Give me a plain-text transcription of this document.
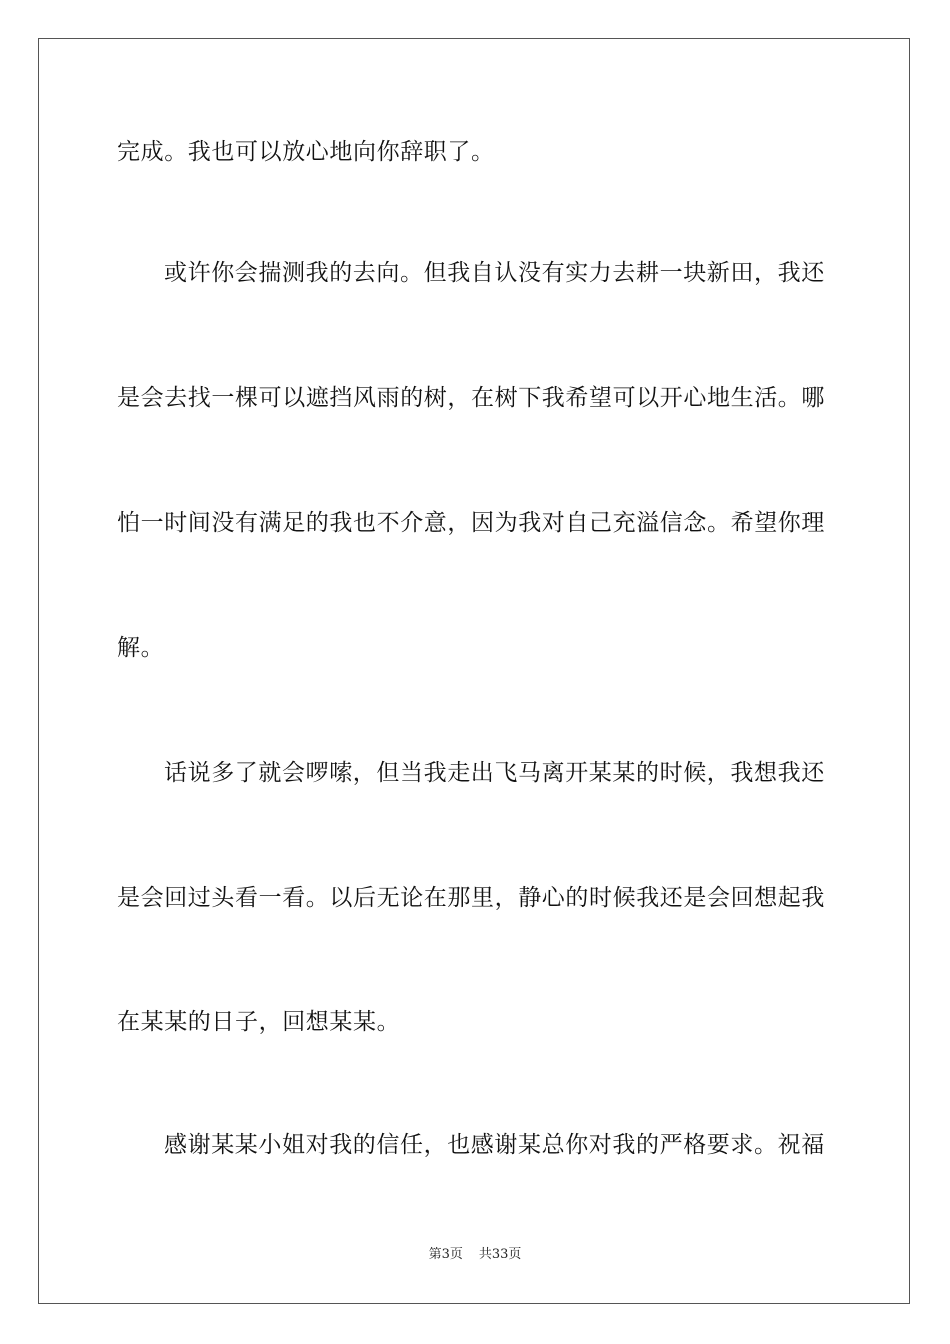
完成。我也可以放心地向你辞职了。
或许你会揣测我的去向。但我自认没有实力去耕一块新田，我还
是会去找一棵可以遮挡风雨的树，在树下我希望可以开心地生活。哪
怕一时间没有满足的我也不介意，因为我对自己充溢信念。希望你理
解。
话说多了就会啰嗦，但当我走出飞马离开某某的时候，我想我还
是会回过头看一看。以后无论在那里，静心的时候我还是会回想起我
在某某的日子，回想某某。
感谢某某小姐对我的信任，也感谢某总你对我的严格要求。祝福
第3页 共33页
